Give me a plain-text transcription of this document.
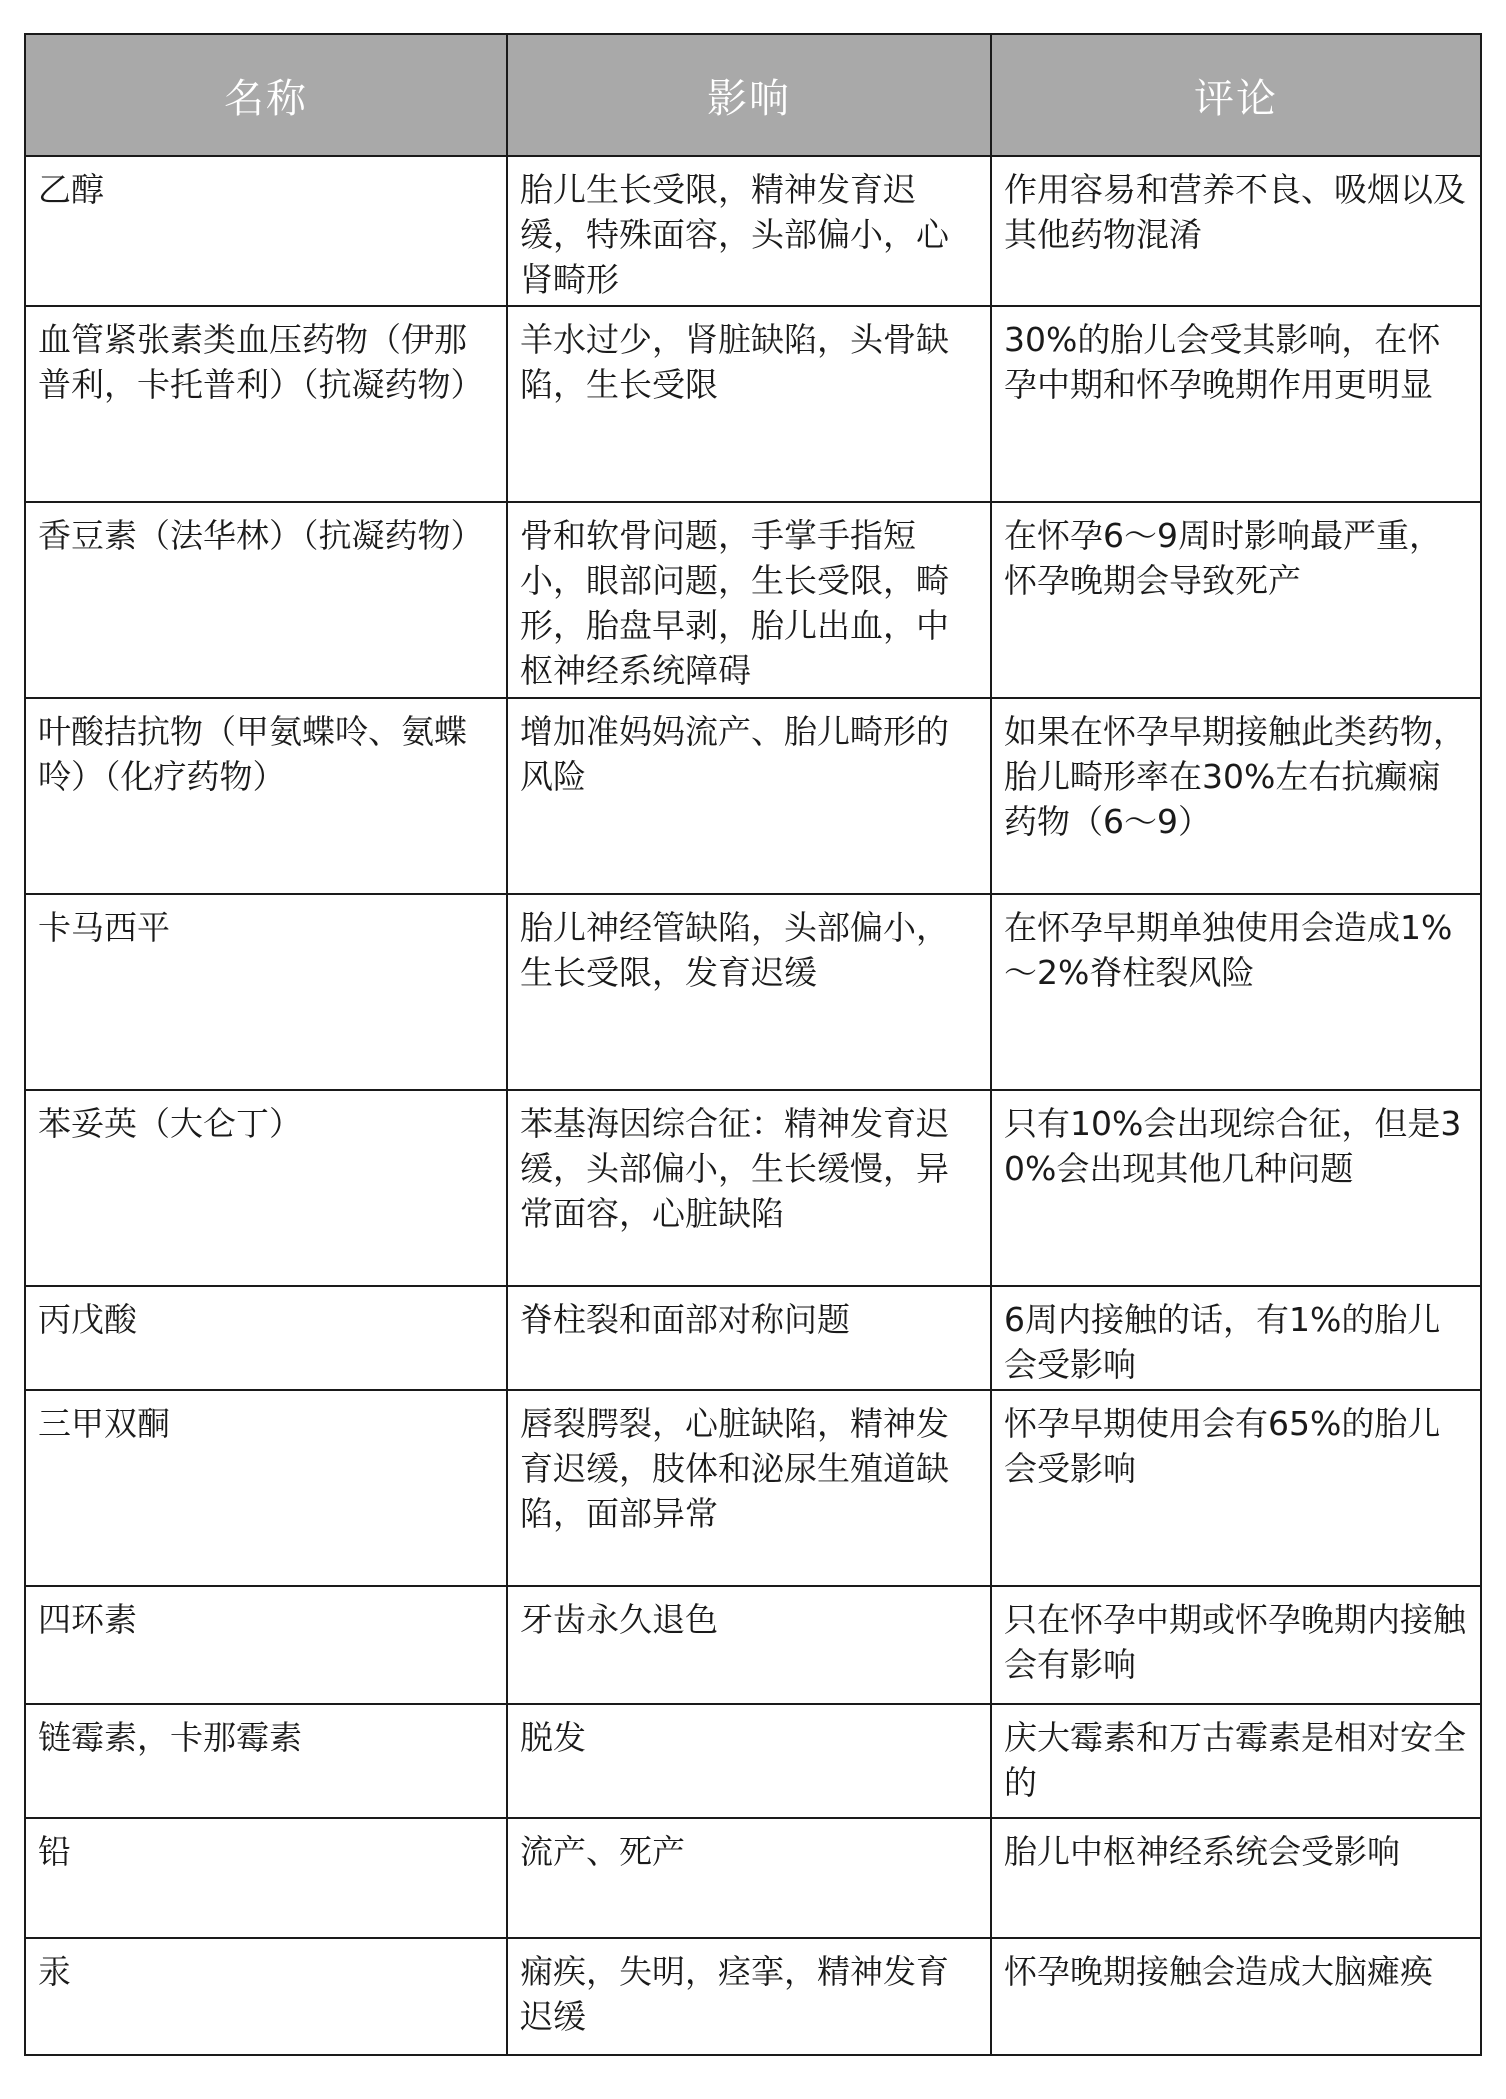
名称	影响	评论
乙醇	胎儿生长受限，精神发育迟缓，特殊面容，头部偏小，心肾畸形	作用容易和营养不良、吸烟以及其他药物混淆
血管紧张素类血压药物（伊那普利，卡托普利）（抗凝药物）	羊水过少，肾脏缺陷，头骨缺陷，生长受限	30%的胎儿会受其影响，在怀孕中期和怀孕晚期作用更明显
香豆素（法华林）（抗凝药物）	骨和软骨问题，手掌手指短小，眼部问题，生长受限，畸形，胎盘早剥，胎儿出血，中枢神经系统障碍	在怀孕6～9周时影响最严重，怀孕晚期会导致死产
叶酸拮抗物（甲氨蝶呤、氨蝶呤）（化疗药物）	增加准妈妈流产、胎儿畸形的风险	如果在怀孕早期接触此类药物，胎儿畸形率在30%左右抗癫痫药物（6～9）
卡马西平	胎儿神经管缺陷，头部偏小，生长受限，发育迟缓	在怀孕早期单独使用会造成1%～2%脊柱裂风险
苯妥英（大仑丁）	苯基海因综合征：精神发育迟缓，头部偏小，生长缓慢，异常面容，心脏缺陷	只有10%会出现综合征，但是30%会出现其他几种问题
丙戊酸	脊柱裂和面部对称问题	6周内接触的话，有1%的胎儿会受影响
三甲双酮	唇裂腭裂，心脏缺陷，精神发育迟缓，肢体和泌尿生殖道缺陷，面部异常	怀孕早期使用会有65%的胎儿会受影响
四环素	牙齿永久退色	只在怀孕中期或怀孕晚期内接触会有影响
链霉素，卡那霉素	脱发	庆大霉素和万古霉素是相对安全的
铅	流产、死产	胎儿中枢神经系统会受影响
汞	痫疾，失明，痉挛，精神发育迟缓	怀孕晚期接触会造成大脑瘫痪
